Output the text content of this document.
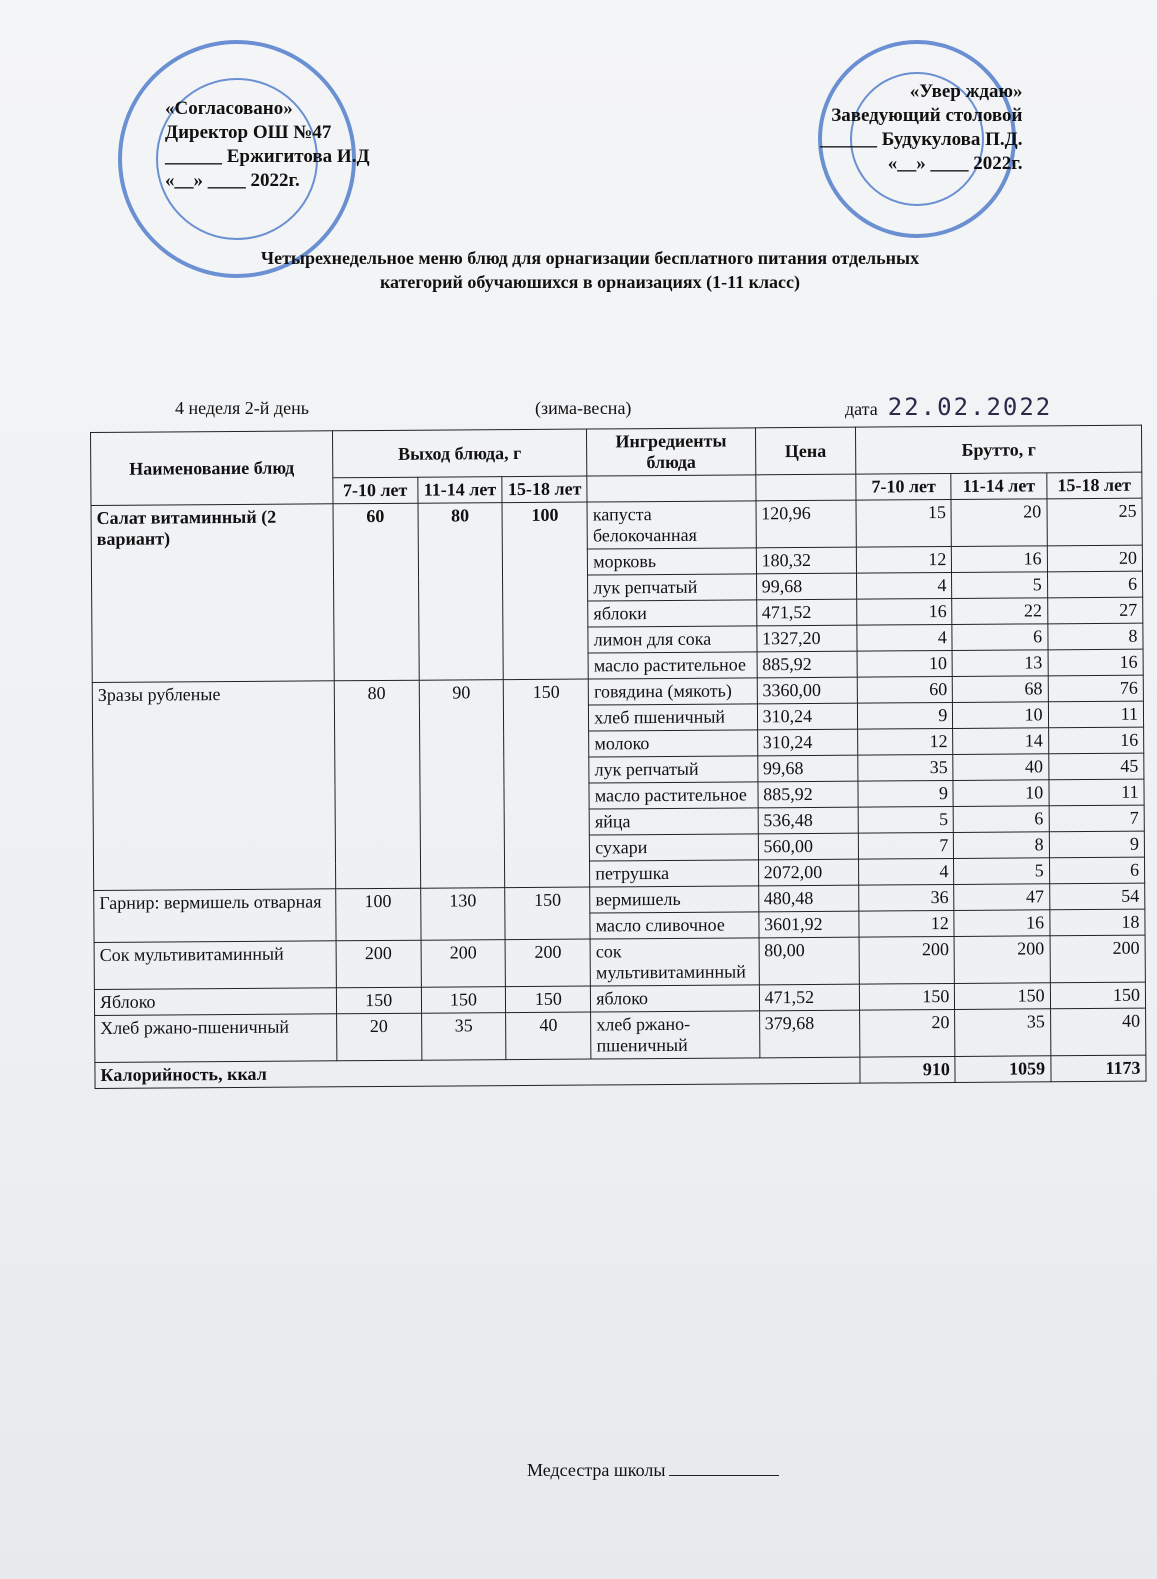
«Согласовано»
Директор ОШ №47
______ Ержигитова И.Д
«__» ____ 2022г.
«Увер ждаю»
Заведующий столовой
______ Будукулова П.Д.
«__» ____ 2022г.
Четырехнедельное меню блюд для орнагизации бесплатного питания отдельных
категорий обучаюшихся в орнаизациях (1-11 класс)
4 неделя 2-й день	(зима-весна)	дата 22.02.2022
Наименование блюд	Выход блюда, г			Ингредиенты блюда	Цена	Брутто, г		
	7-10 лет	11-14 лет	15-18 лет			7-10 лет	11-14 лет	15-18 лет
Салат витаминный (2 вариант)	60	80	100	капуста белокочанная	120,96	15	20	25
				морковь	180,32	12	16	20
				лук репчатый	99,68	4	5	6
				яблоки	471,52	16	22	27
				лимон для сока	1327,20	4	6	8
				масло растительное	885,92	10	13	16
Зразы рубленые	80	90	150	говядина (мякоть)	3360,00	60	68	76
				хлеб пшеничный	310,24	9	10	11
				молоко	310,24	12	14	16
				лук репчатый	99,68	35	40	45
				масло растительное	885,92	9	10	11
				яйца	536,48	5	6	7
				сухари	560,00	7	8	9
				петрушка	2072,00	4	5	6
Гарнир: вермишель отварная	100	130	150	вермишель	480,48	36	47	54
				масло сливочное	3601,92	12	16	18
Сок мультивитаминный	200	200	200	сок мультивитаминный	80,00	200	200	200
Яблоко	150	150	150	яблоко	471,52	150	150	150
Хлеб ржано-пшеничный	20	35	40	хлеб ржано-пшеничный	379,68	20	35	40
Калорийность, ккал						910	1059	1173
Медсестра школы
